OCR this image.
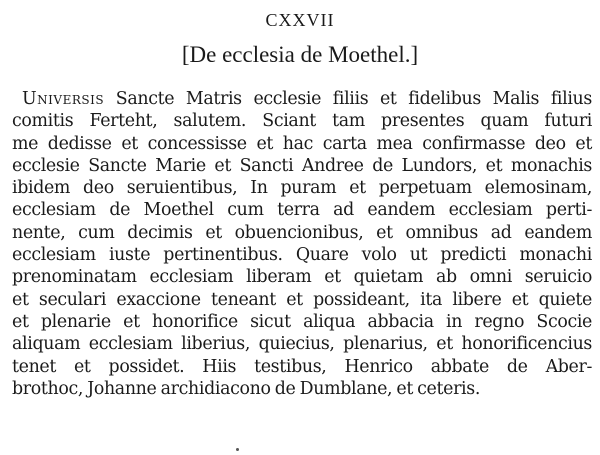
CXXVII
[De ecclesia de Moethel.]
Universis Sancte Matris ecclesie filiis et fidelibus Malis filius
comitis Ferteht, salutem. Sciant tam presentes quam futuri
me dedisse et concessisse et hac carta mea confirmasse deo et
ecclesie Sancte Marie et Sancti Andree de Lundors, et monachis
ibidem deo seruientibus, In puram et perpetuam elemosinam,
ecclesiam de Moethel cum terra ad eandem ecclesiam perti-
nente, cum decimis et obuencionibus, et omnibus ad eandem
ecclesiam iuste pertinentibus. Quare volo ut predicti monachi
prenominatam ecclesiam liberam et quietam ab omni seruicio
et seculari exaccione teneant et possideant, ita libere et quiete
et plenarie et honorifice sicut aliqua abbacia in regno Scocie
aliquam ecclesiam liberius, quiecius, plenarius, et honorificencius
tenet et possidet. Hiis testibus, Henrico abbate de Aber-
brothoc, Johanne archidiacono de Dumblane, et ceteris.
